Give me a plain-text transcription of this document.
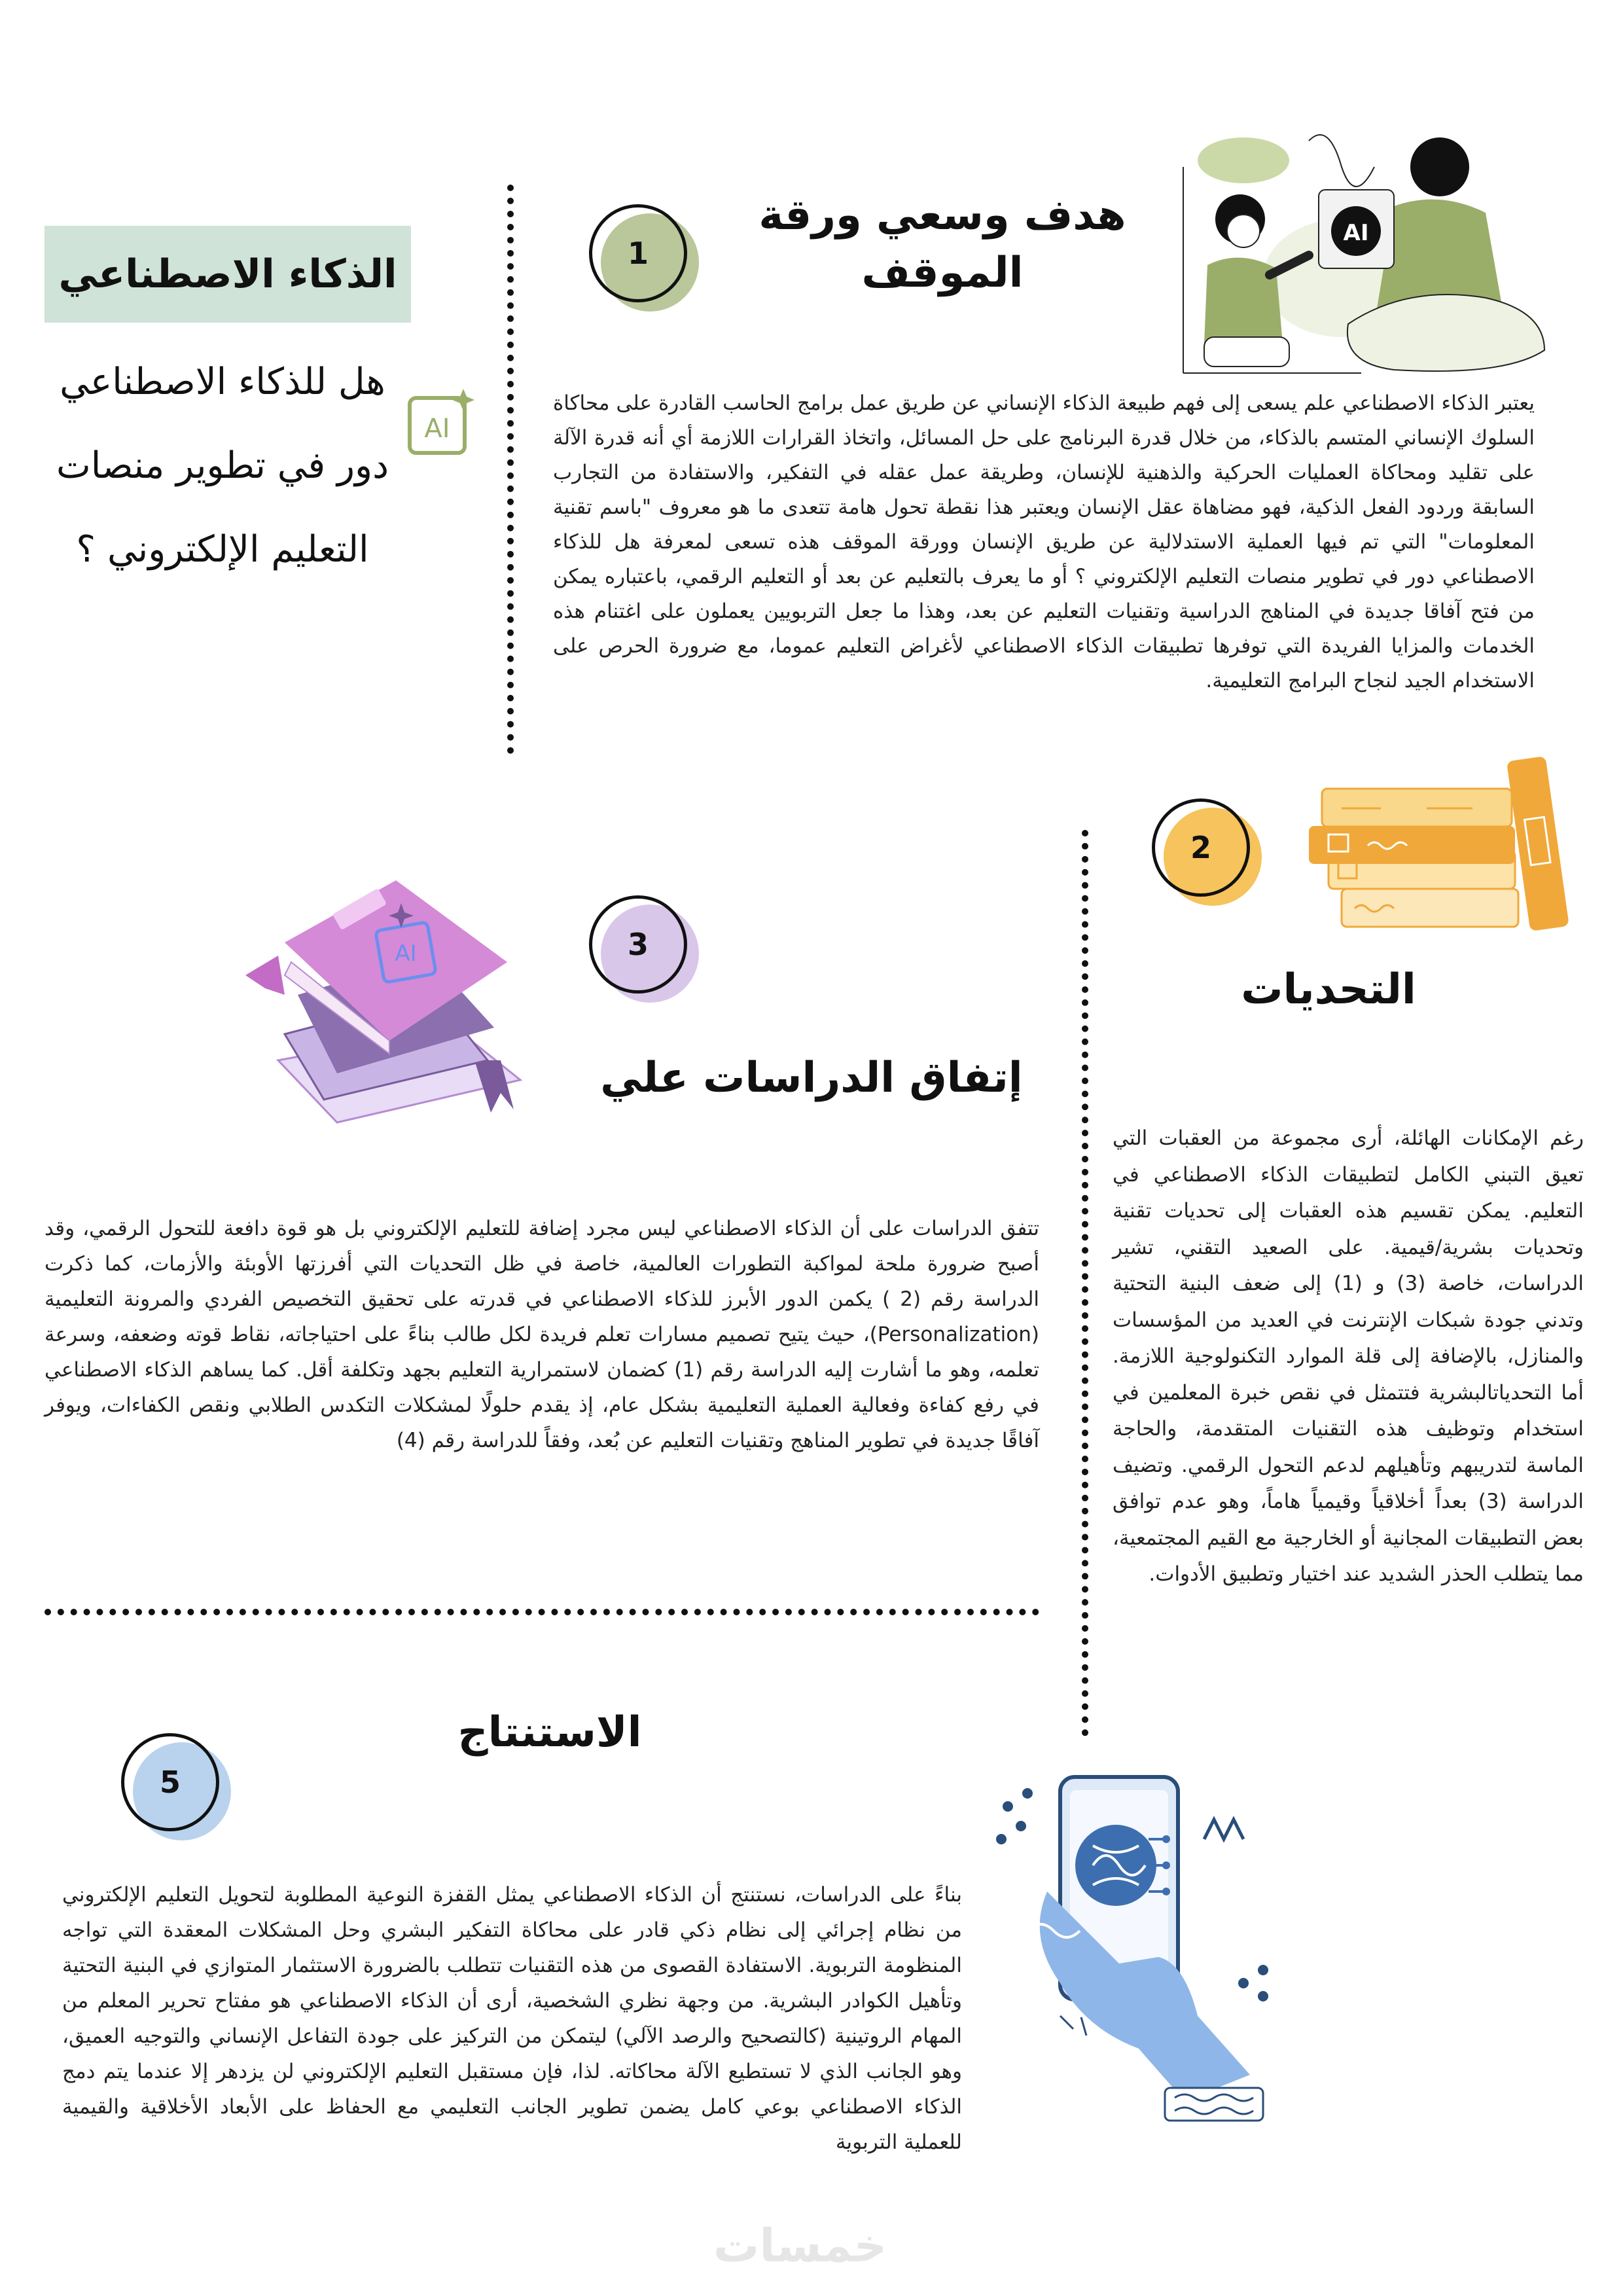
الذكاء الاصطناعي
هل للذكاء الاصطناعي
دور في تطوير منصات
التعليم الإلكتروني ؟
AI
1
هدف وسعي ورقة
الموقف
AI
يعتبر الذكاء الاصطناعي علم يسعى إلى فهم طبيعة الذكاء الإنساني عن طريق عمل برامج الحاسب القادرة على محاكاة السلوك الإنساني المتسم بالذكاء، من خلال قدرة البرنامج على حل المسائل، واتخاذ القرارات اللازمة أي أنه قدرة الآلة على تقليد ومحاكاة العمليات الحركية والذهنية للإنسان، وطريقة عمل عقله في التفكير، والاستفادة من التجارب السابقة وردود الفعل الذكية، فهو مضاهاة عقل الإنسان ويعتبر هذا نقطة تحول هامة تتعدى ما هو معروف "باسم تقنية المعلومات" التي تم فيها العملية الاستدلالية عن طريق الإنسان وورقة الموقف هذه تسعى لمعرفة هل للذكاء الاصطناعي دور في تطوير منصات التعليم الإلكتروني ؟ أو ما يعرف بالتعليم عن بعد أو التعليم الرقمي، باعتباره يمكن من فتح آفاقا جديدة في المناهج الدراسية وتقنيات التعليم عن بعد، وهذا ما جعل التربويين يعملون على اغتنام هذه الخدمات والمزايا الفريدة التي توفرها تطبيقات الذكاء الاصطناعي لأغراض التعليم عموما، مع ضرورة الحرص على الاستخدام الجيد لنجاح البرامج التعليمية.
2
التحديات
رغم الإمكانات الهائلة، أرى مجموعة من العقبات التي تعيق التبني الكامل لتطبيقات الذكاء الاصطناعي في التعليم. يمكن تقسيم هذه العقبات إلى تحديات تقنية وتحديات بشرية/قيمية. على الصعيد التقني، تشير الدراسات، خاصة (3) و (1) إلى ضعف البنية التحتية وتدني جودة شبكات الإنترنت في العديد من المؤسسات والمنازل، بالإضافة إلى قلة الموارد التكنولوجية اللازمة. أما التحدياتالبشرية فتتمثل في نقص خبرة المعلمين في استخدام وتوظيف هذه التقنيات المتقدمة، والحاجة الماسة لتدريبهم وتأهيلهم لدعم التحول الرقمي. وتضيف الدراسة (3) بعداً أخلاقياً وقيمياً هاماً، وهو عدم توافق بعض التطبيقات المجانية أو الخارجية مع القيم المجتمعية، مما يتطلب الحذر الشديد عند اختيار وتطبيق الأدوات.
AI	3
إتفاق الدراسات علي
تتفق الدراسات على أن الذكاء الاصطناعي ليس مجرد إضافة للتعليم الإلكتروني بل هو قوة دافعة للتحول الرقمي، وقد أصبح ضرورة ملحة لمواكبة التطورات العالمية، خاصة في ظل التحديات التي أفرزتها الأوبئة والأزمات، كما ذكرت الدراسة رقم (2 ) يكمن الدور الأبرز للذكاء الاصطناعي في قدرته على تحقيق التخصيص الفردي والمرونة التعليمية (Personalization)، حيث يتيح تصميم مسارات تعلم فريدة لكل طالب بناءً على احتياجاته، نقاط قوته وضعفه، وسرعة تعلمه، وهو ما أشارت إليه الدراسة رقم (1) كضمان لاستمرارية التعليم بجهد وتكلفة أقل. كما يساهم الذكاء الاصطناعي في رفع كفاءة وفعالية العملية التعليمية بشكل عام، إذ يقدم حلولًا لمشكلات التكدس الطلابي ونقص الكفاءات، ويوفر آفاقًا جديدة في تطوير المناهج وتقنيات التعليم عن بُعد، وفقاً للدراسة رقم (4)
5
الاستنتاج
بناءً على الدراسات، نستنتج أن الذكاء الاصطناعي يمثل القفزة النوعية المطلوبة لتحويل التعليم الإلكتروني من نظام إجرائي إلى نظام ذكي قادر على محاكاة التفكير البشري وحل المشكلات المعقدة التي تواجه المنظومة التربوية. الاستفادة القصوى من هذه التقنيات تتطلب بالضرورة الاستثمار المتوازي في البنية التحتية وتأهيل الكوادر البشرية. من وجهة نظري الشخصية، أرى أن الذكاء الاصطناعي هو مفتاح تحرير المعلم من المهام الروتينية (كالتصحيح والرصد الآلي) ليتمكن من التركيز على جودة التفاعل الإنساني والتوجيه العميق، وهو الجانب الذي لا تستطيع الآلة محاكاته. لذا، فإن مستقبل التعليم الإلكتروني لن يزدهر إلا عندما يتم دمج الذكاء الاصطناعي بوعي كامل يضمن تطوير الجانب التعليمي مع الحفاظ على الأبعاد الأخلاقية والقيمية للعملية التربوية
خمسات
